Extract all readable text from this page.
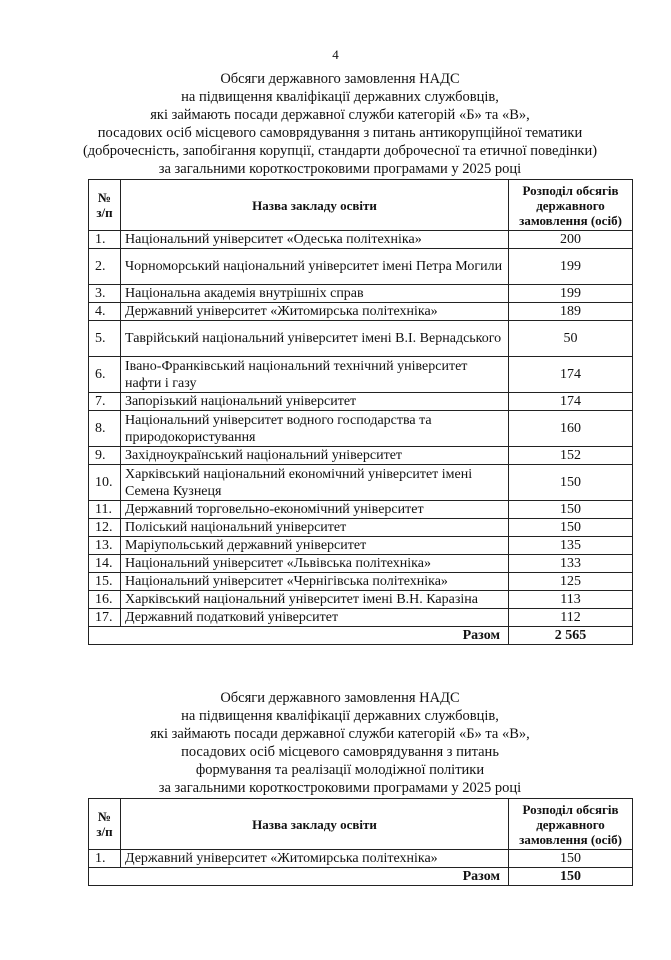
4
Обсяги державного замовлення НАДС
на підвищення кваліфікації державних службовців,
які займають посади державної служби категорій «Б» та «В»,
посадових осіб місцевого самоврядування з питань антикорупційної тематики
(доброчесність, запобігання корупції, стандарти доброчесної та етичної поведінки)
за загальними короткостроковими програмами у 2025 році
№ з/п	Назва закладу освіти	Розподіл обсягів державного замовлення (осіб)
1.	Національний університет «Одеська політехніка»	200
2.	Чорноморський національний університет імені Петра Могили	199
3.	Національна академія внутрішніх справ	199
4.	Державний університет «Житомирська політехніка»	189
5.	Таврійський національний університет імені В.І. Вернадського	50
6.	Івано-Франківський національний технічний університет нафти і газу	174
7.	Запорізький національний університет	174
8.	Національний університет водного господарства та природокористування	160
9.	Західноукраїнський національний університет	152
10.	Харківський національний економічний університет імені Семена Кузнеця	150
11.	Державний торговельно-економічний університет	150
12.	Поліський національний університет	150
13.	Маріупольський державний університет	135
14.	Національний університет «Львівська політехніка»	133
15.	Національний університет «Чернігівська політехніка»	125
16.	Харківський національний університет імені В.Н. Каразіна	113
17.	Державний податковий університет	112
Разом		2 565
Обсяги державного замовлення НАДС
на підвищення кваліфікації державних службовців,
які займають посади державної служби категорій «Б» та «В»,
посадових осіб місцевого самоврядування з питань
формування та реалізації молодіжної політики
за загальними короткостроковими програмами у 2025 році
№ з/п	Назва закладу освіти	Розподіл обсягів державного замовлення (осіб)
1.	Державний університет «Житомирська політехніка»	150
Разом		150
